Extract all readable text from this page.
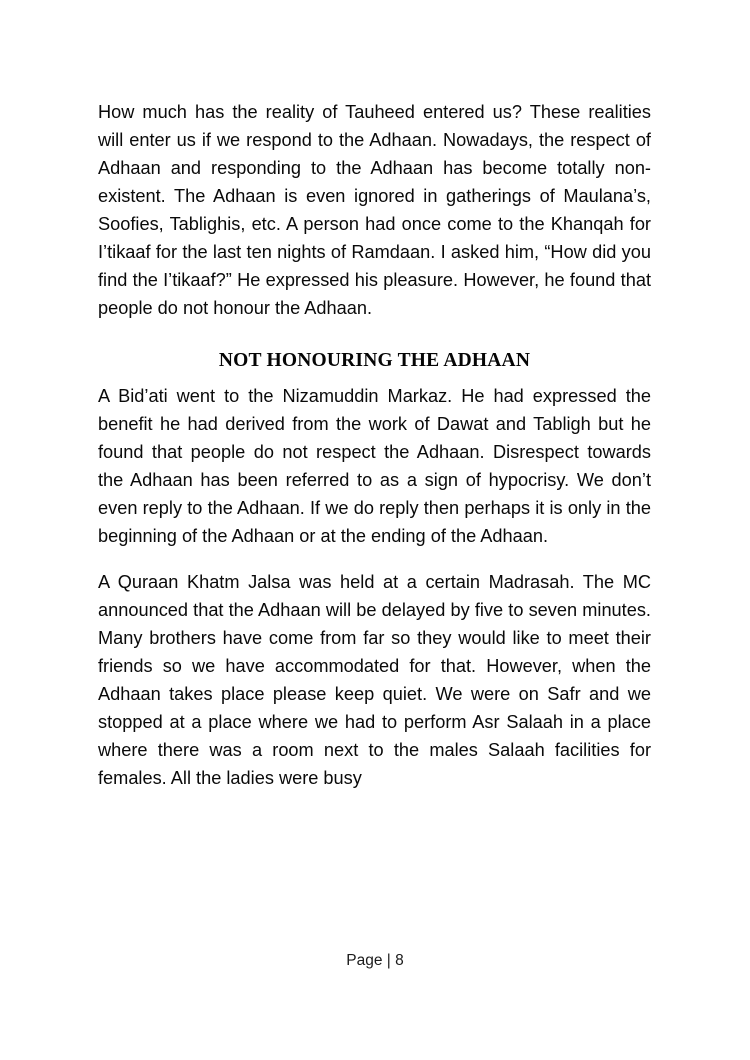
How much has the reality of Tauheed entered us? These realities will enter us if we respond to the Adhaan. Nowadays, the respect of Adhaan and responding to the Adhaan has become totally non-existent. The Adhaan is even ignored in gatherings of Maulana’s, Soofies, Tablighis, etc. A person had once come to the Khanqah for I’tikaaf for the last ten nights of Ramdaan. I asked him, “How did you find the I’tikaaf?” He expressed his pleasure. However, he found that people do not honour the Adhaan.

NOT HONOURING THE ADHAAN

A Bid’ati went to the Nizamuddin Markaz. He had expressed the benefit he had derived from the work of Dawat and Tabligh but he found that people do not respect the Adhaan. Disrespect towards the Adhaan has been referred to as a sign of hypocrisy. We don’t even reply to the Adhaan. If we do reply then perhaps it is only in the beginning of the Adhaan or at the ending of the Adhaan.

A Quraan Khatm Jalsa was held at a certain Madrasah. The MC announced that the Adhaan will be delayed by five to seven minutes. Many brothers have come from far so they would like to meet their friends so we have accommodated for that. However, when the Adhaan takes place please keep quiet. We were on Safr and we stopped at a place where we had to perform Asr Salaah in a place where there was a room next to the males Salaah facilities for females. All the ladies were busy

Page | 8
